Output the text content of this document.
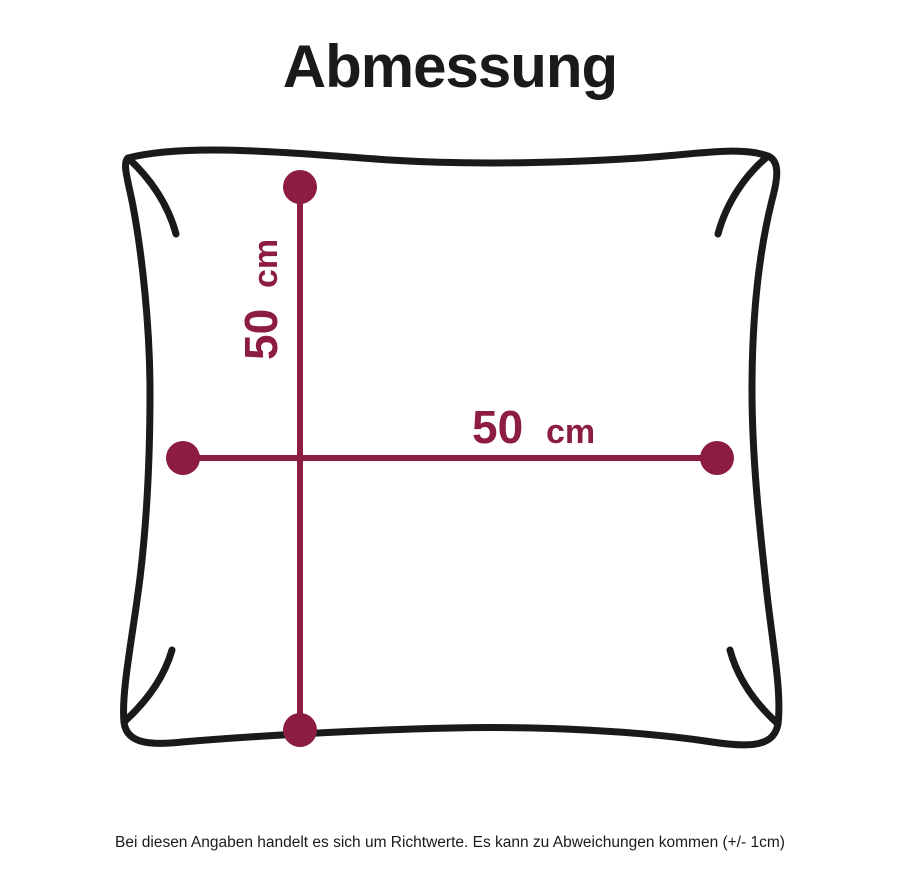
Abmessung
50
cm
50 cm
Bei diesen Angaben handelt es sich um Richtwerte. Es kann zu Abweichungen kommen (+/- 1cm)
